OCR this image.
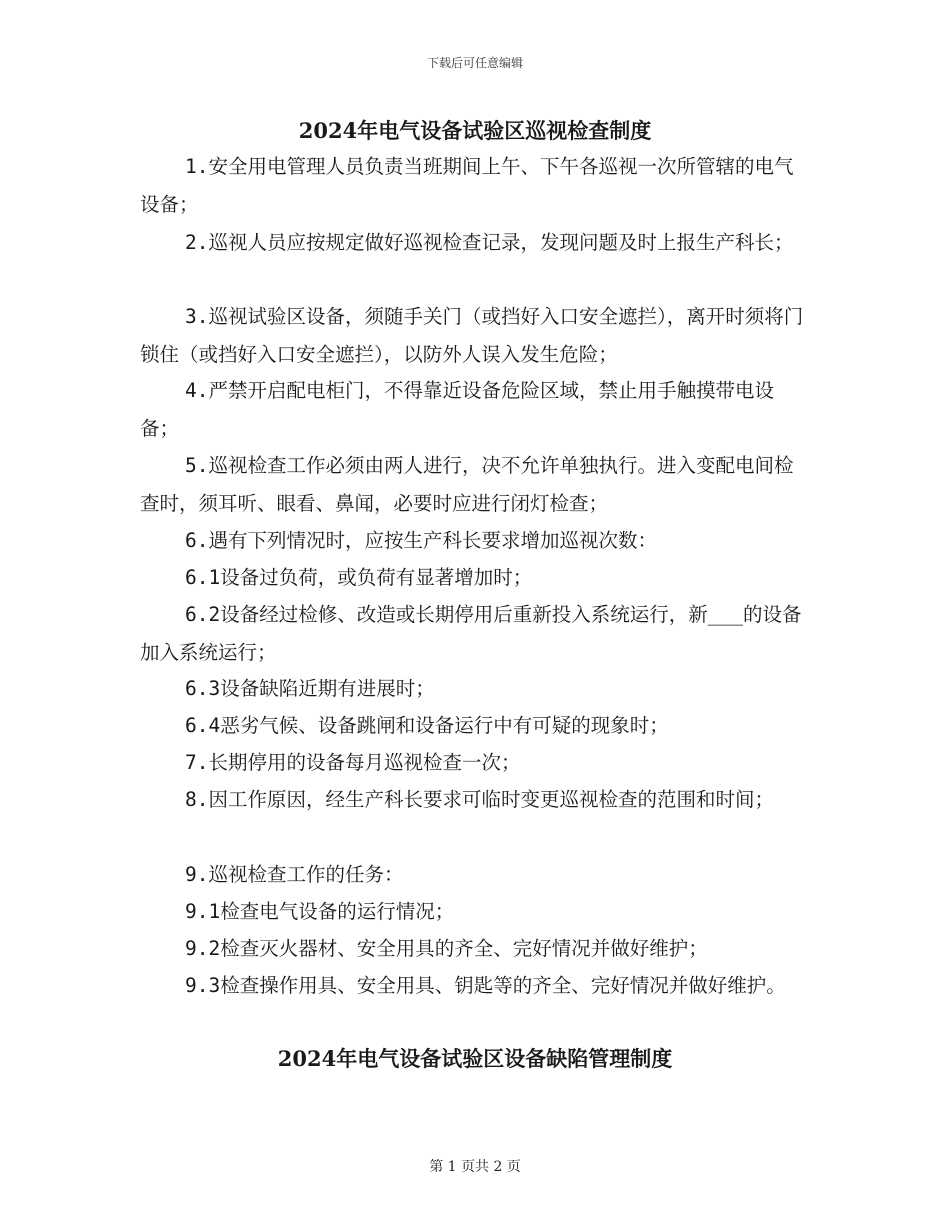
下载后可任意编辑
2024年电气设备试验区巡视检查制度

1.安全用电管理人员负责当班期间上午、下午各巡视一次所管辖的电气设备；

2.巡视人员应按规定做好巡视检查记录，发现问题及时上报生产科长；

3.巡视试验区设备，须随手关门（或挡好入口安全遮拦），离开时须将门锁住（或挡好入口安全遮拦），以防外人误入发生危险；

4.严禁开启配电柜门，不得靠近设备危险区域，禁止用手触摸带电设备；

5.巡视检查工作必须由两人进行，决不允许单独执行。进入变配电间检查时，须耳听、眼看、鼻闻，必要时应进行闭灯检查；

6.遇有下列情况时，应按生产科长要求增加巡视次数：

6.1设备过负荷，或负荷有显著增加时；

6.2设备经过检修、改造或长期停用后重新投入系统运行，新___的设备加入系统运行；

6.3设备缺陷近期有进展时；

6.4恶劣气候、设备跳闸和设备运行中有可疑的现象时；

7.长期停用的设备每月巡视检查一次；

8.因工作原因，经生产科长要求可临时变更巡视检查的范围和时间；

9.巡视检查工作的任务：

9.1检查电气设备的运行情况；

9.2检查灭火器材、安全用具的齐全、完好情况并做好维护；

9.3检查操作用具、安全用具、钥匙等的齐全、完好情况并做好维护。

2024年电气设备试验区设备缺陷管理制度
第 1 页共 2 页
